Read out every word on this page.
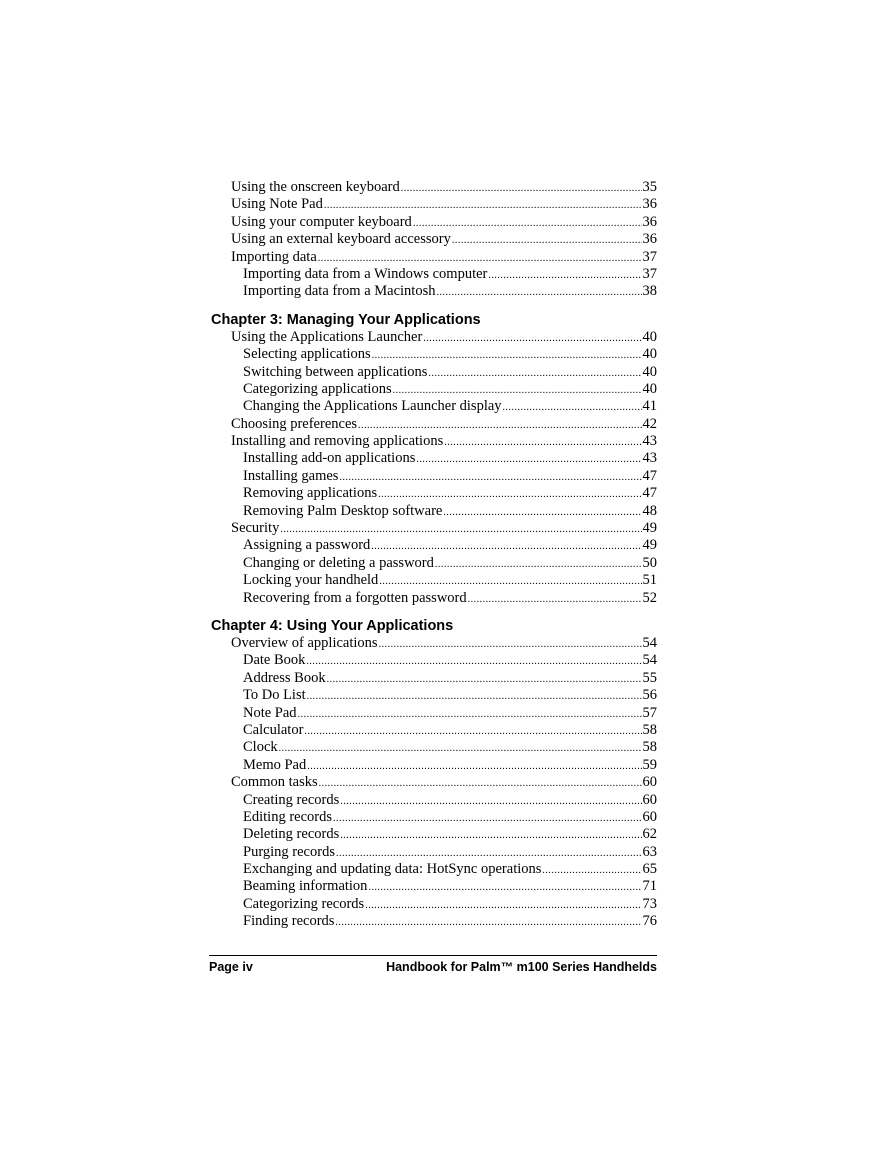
Using the onscreen keyboard .....	35
Using Note Pad .....	36
Using your computer keyboard .....	36
Using an external keyboard accessory .....	36
Importing data .....	37
Importing data from a Windows computer .....	37
Importing data from a Macintosh .....	38
Chapter 3: Managing Your Applications
Using the Applications Launcher .....	40
Selecting applications .....	40
Switching between applications .....	40
Categorizing applications .....	40
Changing the Applications Launcher display .....	41
Choosing preferences .....	42
Installing and removing applications .....	43
Installing add-on applications .....	43
Installing games .....	47
Removing applications .....	47
Removing Palm Desktop software .....	48
Security .....	49
Assigning a password .....	49
Changing or deleting a password .....	50
Locking your handheld .....	51
Recovering from a forgotten password .....	52
Chapter 4: Using Your Applications
Overview of applications .....	54
Date Book .....	54
Address Book .....	55
To Do List .....	56
Note Pad .....	57
Calculator .....	58
Clock .....	58
Memo Pad .....	59
Common tasks .....	60
Creating records .....	60
Editing records .....	60
Deleting records .....	62
Purging records .....	63
Exchanging and updating data: HotSync operations .....	65
Beaming information .....	71
Categorizing records .....	73
Finding records .....	76
Page iv	Handbook for Palm™ m100 Series Handhelds
